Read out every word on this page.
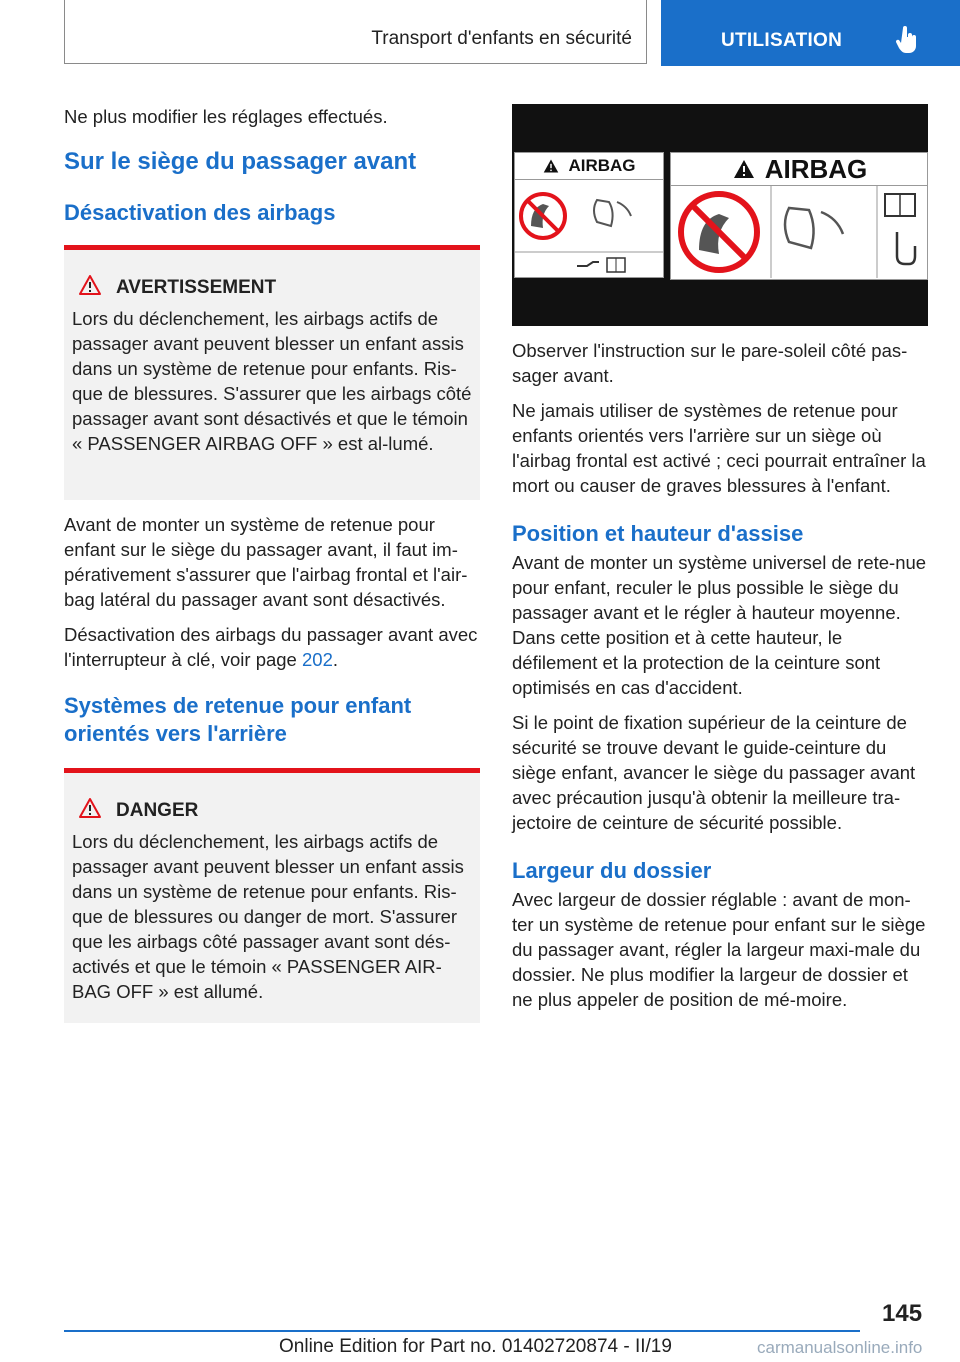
Transport d'enfants en sécurité	UTILISATION

Ne plus modifier les réglages effectués.

Sur le siège du passager avant
Désactivation des airbags
AVERTISSEMENT

Lors du déclenchement, les airbags actifs de passager avant peuvent blesser un enfant assis dans un système de retenue pour enfants. Ris-que de blessures. S'assurer que les airbags côté passager avant sont désactivés et que le témoin « PASSENGER AIRBAG OFF » est al-lumé.

Avant de monter un système de retenue pour enfant sur le siège du passager avant, il faut im-pérativement s'assurer que l'airbag frontal et l'air-bag latéral du passager avant sont désactivés.

Désactivation des airbags du passager avant avec l'interrupteur à clé, voir page 202.

Systèmes de retenue pour enfant orientés vers l'arrière
DANGER

Lors du déclenchement, les airbags actifs de passager avant peuvent blesser un enfant assis dans un système de retenue pour enfants. Ris-que de blessures ou danger de mort. S'assurer que les airbags côté passager avant sont dés-activés et que le témoin « PASSENGER AIR-BAG OFF » est allumé.

AIRBAG	AIRBAG

Observer l'instruction sur le pare-soleil côté pas-sager avant.

Ne jamais utiliser de systèmes de retenue pour enfants orientés vers l'arrière sur un siège où l'airbag frontal est activé ; ceci pourrait entraîner la mort ou causer de graves blessures à l'enfant.

Position et hauteur d'assise

Avant de monter un système universel de rete-nue pour enfant, reculer le plus possible le siège du passager avant et le régler à hauteur moyenne. Dans cette position et à cette hauteur, le défilement et la protection de la ceinture sont optimisés en cas d'accident.

Si le point de fixation supérieur de la ceinture de sécurité se trouve devant le guide-ceinture du siège enfant, avancer le siège du passager avant avec précaution jusqu'à obtenir la meilleure tra-jectoire de ceinture de sécurité possible.

Largeur du dossier

Avec largeur de dossier réglable : avant de mon-ter un système de retenue pour enfant sur le siège du passager avant, régler la largeur maxi-male du dossier. Ne plus modifier la largeur de dossier et ne plus appeler de position de mé-moire.

145
Online Edition for Part no. 01402720874 - II/19	carmanualsonline.info
